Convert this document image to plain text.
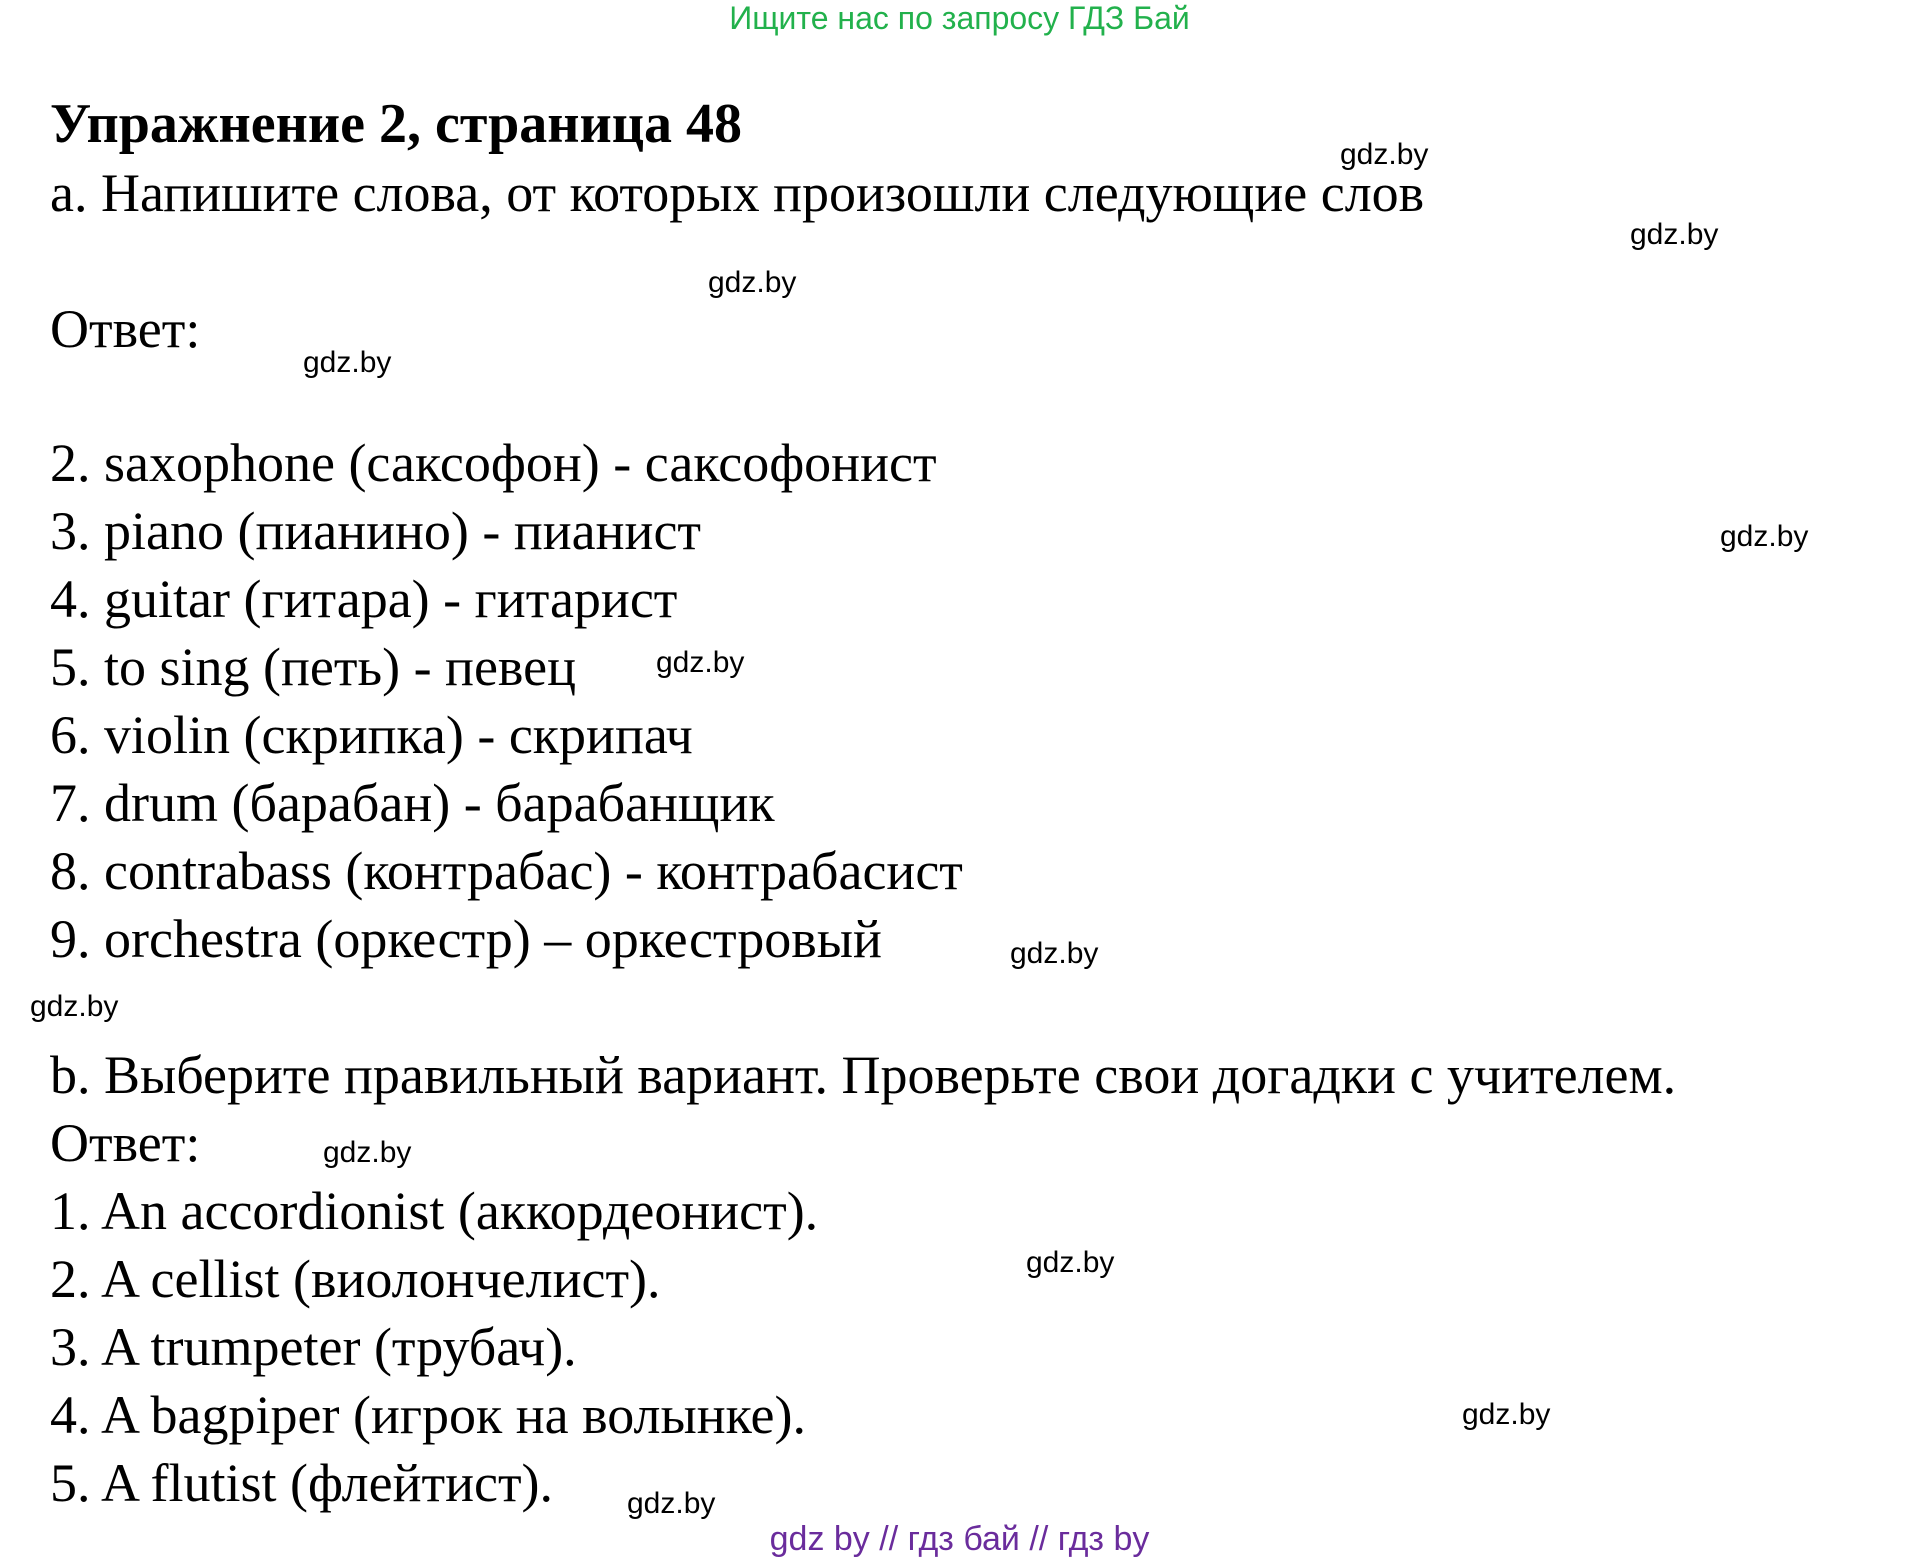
Ищите нас по запросу ГДЗ Бай
Упражнение 2, страница 48
a. Напишите слова, от которых произошли следующие слов
Ответ:
2. saxophone (саксофон) - саксофонист
3. piano (пианино) - пианист
4. guitar (гитара) - гитарист
5. to sing (петь) - певец
6. violin (скрипка) - скрипач
7. drum (барабан) - барабанщик
8. contrabass (контрабас) - контрабасист
9. orchestra (оркестр) – оркестровый
b. Выберите правильный вариант. Проверьте свои догадки с учителем.
Ответ:
1. An accordionist (аккордеонист).
2. A cellist (виолончелист).
3. A trumpeter (трубач).
4. A bagpiper (игрок на волынке).
5. A flutist (флейтист).
gdz.by
gdz.by
gdz.by
gdz.by
gdz.by
gdz.by
gdz.by
gdz.by
gdz.by
gdz.by
gdz.by
gdz.by
gdz by // гдз бай // гдз by
